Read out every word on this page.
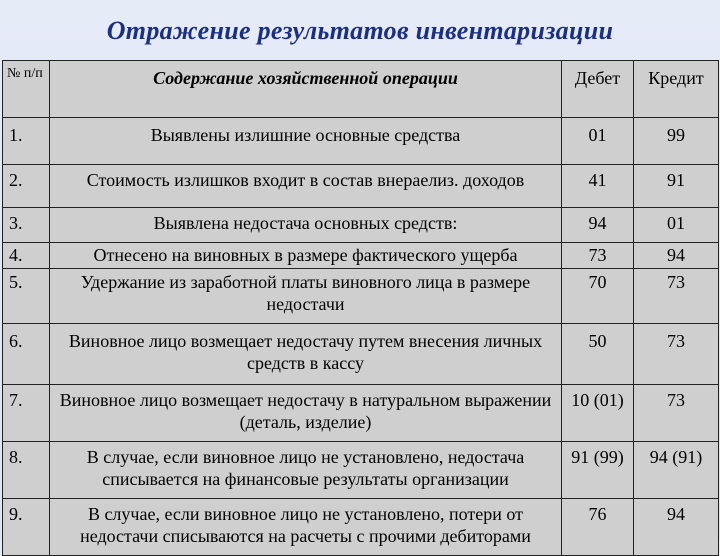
Отражение результатов инвентаризации
№ п/п	Содержание хозяйственной операции	Дебет	Кредит
1.	Выявлены излишние основные средства	01	99
2.	Стоимость излишков входит в состав внераелиз. доходов	41	91
3.	Выявлена недостача основных средств:	94	01
4.	Отнесено на виновных в размере фактического ущерба	73	94
5.	Удержание из заработной платы виновного лица в размере недостачи	70	73
6.	Виновное лицо возмещает недостачу путем внесения личных средств в кассу	50	73
7.	Виновное лицо возмещает недостачу в натуральном выражении (деталь, изделие)	10 (01)	73
8.	В случае, если виновное лицо не установлено, недостача списывается на финансовые результаты организации	91 (99)	94 (91)
9.	В случае, если виновное лицо не установлено, потери от недостачи списываются на расчеты с прочими дебиторами	76	94
